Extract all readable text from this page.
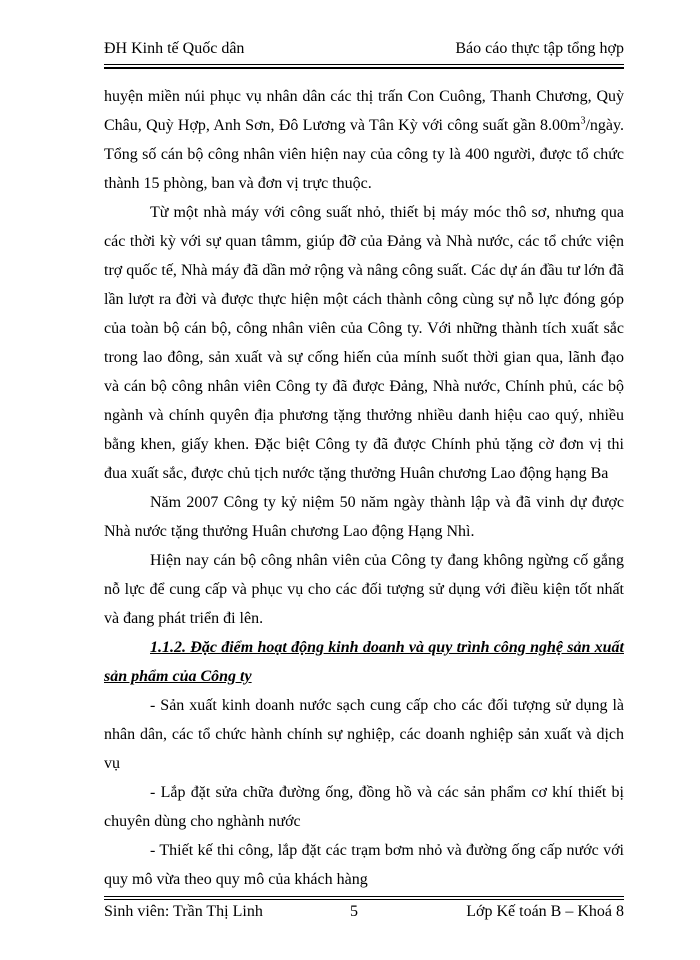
ĐH Kinh tế Quốc dân	Báo cáo thực tập tổng hợp

huyện miền núi phục vụ nhân dân các thị trấn Con Cuông, Thanh Chương, Quỳ Châu, Quỳ Hợp, Anh Sơn, Đô Lương và Tân Kỳ với công suất gần $8.00m^3$/ngày. Tổng số cán bộ công nhân viên hiện nay của công ty là 400 người, được tổ chức thành 15 phòng, ban và đơn vị trực thuộc.

Từ một nhà máy với công suất nhỏ, thiết bị máy móc thô sơ, nhưng qua các thời kỳ với sự quan tâmm, giúp đỡ của Đảng và Nhà nước, các tổ chức viện trợ quốc tế, Nhà máy đã dần mở rộng và nâng công suất. Các dự án đầu tư lớn đã lần lượt ra đời và được thực hiện một cách thành công cùng sự nỗ lực đóng góp của toàn bộ cán bộ, công nhân viên của Công ty. Với những thành tích xuất sắc trong lao đông, sản xuất và sự cống hiến của mính suốt thời gian qua, lãnh đạo và cán bộ công nhân viên Công ty đã được Đảng, Nhà nước, Chính phủ, các bộ ngành và chính quyên địa phương tặng thưởng nhiều danh hiệu cao quý, nhiều bằng khen, giấy khen. Đặc biệt Công ty đã được Chính phủ tặng cờ đơn vị thi đua xuất sắc, được chủ tịch nước tặng thưởng Huân chương Lao động hạng Ba

Năm 2007 Công ty kỷ niệm 50 năm ngày thành lập và đã vinh dự được Nhà nước tặng thưởng Huân chương Lao động Hạng Nhì.

Hiện nay cán bộ công nhân viên của Công ty đang không ngừng cố gắng nỗ lực để cung cấp và phục vụ cho các đối tượng sử dụng với điều kiện tốt nhất và đang phát triển đi lên.

1.1.2. Đặc điểm hoạt động kinh doanh và quy trình công nghệ sản xuất sản phẩm của Công ty

- Sản xuất kinh doanh nước sạch cung cấp cho các đối tượng sử dụng là nhân dân, các tổ chức hành chính sự nghiệp, các doanh nghiệp sản xuất và dịch vụ

- Lắp đặt sửa chữa đường ống, đồng hồ và các sản phẩm cơ khí thiết bị chuyên dùng cho nghành nước

- Thiết kế thi công, lắp đặt các trạm bơm nhỏ và đường ống cấp nước với quy mô vừa theo quy mô của khách hàng

Sinh viên: Trần Thị Linh	5	Lớp Kế toán B – Khoá 8
